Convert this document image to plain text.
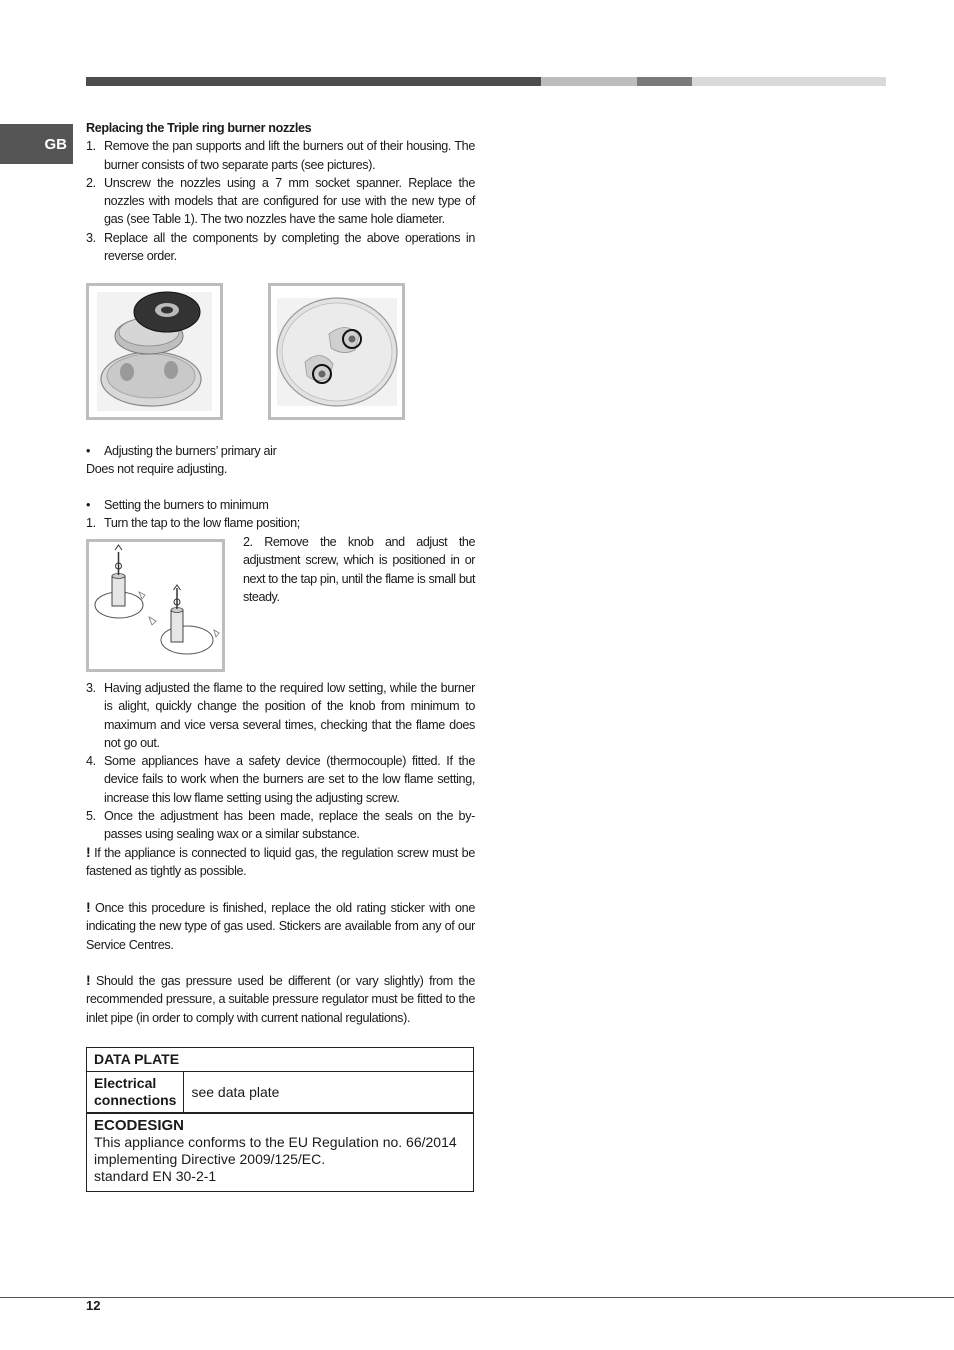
GB

Replacing the Triple ring burner nozzles

1. Remove the pan supports and lift the burners out of their housing. The burner consists of two separate parts (see pictures).
2. Unscrew the nozzles using a 7 mm socket spanner. Replace the nozzles with models that are configured for use with the new type of gas (see Table 1). The two nozzles have the same hole diameter.
3. Replace all the components by completing the above operations in reverse order.
• Adjusting the burners’ primary air

Does not require adjusting.

• Setting the burners to minimum
1. Turn the tap to the low flame position;
2. Remove the knob and adjust the adjustment screw, which is positioned in or next to the tap pin, until the flame is small but steady.
3. Having adjusted the flame to the required low setting, while the burner is alight, quickly change the position of the knob from minimum to maximum and vice versa several times, checking that the flame does not go out.
4. Some appliances have a safety device (thermocouple) fitted. If the device fails to work when the burners are set to the low flame setting, increase this low flame setting using the adjusting screw.
5. Once the adjustment has been made, replace the seals on the by-passes using sealing wax or a similar substance.

! If the appliance is connected to liquid gas, the regulation screw must be fastened as tightly as possible.

! Once this procedure is finished, replace the old rating sticker with one indicating the new type of gas used. Stickers are available from any of our Service Centres.

! Should the gas pressure used be different (or vary slightly) from the recommended pressure, a suitable pressure regulator must be fitted to the inlet pipe (in order to comply with current national regulations).

DATA PLATE
Electrical
connections	see data plate

ECODESIGN
This appliance conforms to the EU Regulation no. 66/2014
implementing Directive 2009/125/EC.
standard EN 30-2-1
12
